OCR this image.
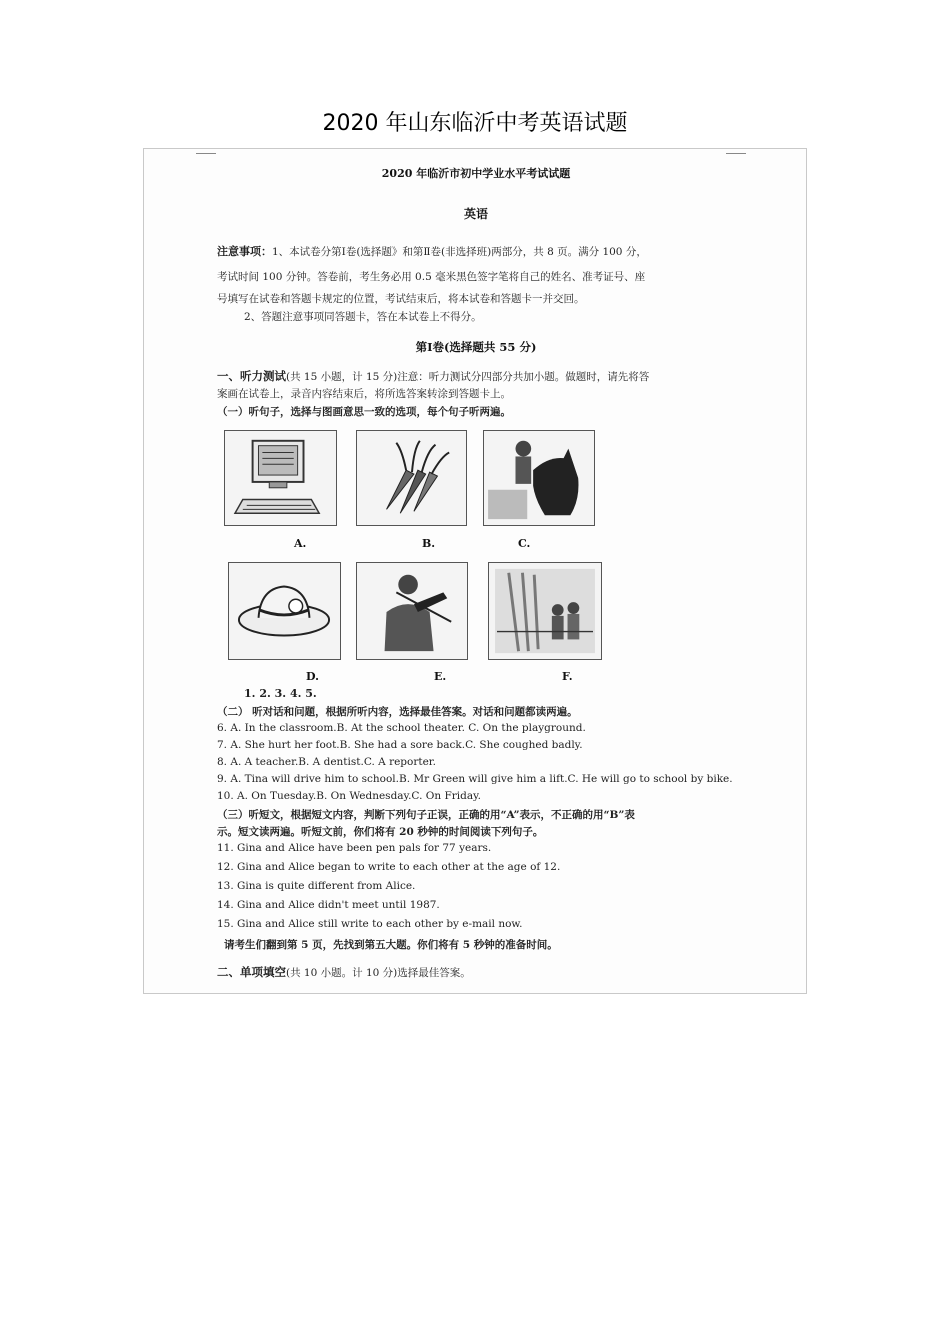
2020 年山东临沂中考英语试题
2020 年临沂市初中学业水平考试试题
英语
注意事项：1、本试卷分第Ⅰ卷(选择题》和第Ⅱ卷(非选择班)两部分，共 8 页。满分 100 分，
考试时间 100 分钟。答卷前，考生务必用 0.5 毫米黑色签字笔将自己的姓名、准考证号、座
号填写在试卷和答题卡规定的位置，考试结束后，将本试卷和答题卡一并交回。
2、答题注意事项同答题卡，答在本试卷上不得分。
第Ⅰ卷(选择题共 55 分)
一、听力测试(共 15 小题，计 15 分)注意：听力测试分四部分共加小题。做题时，请先将答
案画在试卷上，录音内容结束后，将所选答案转涂到答题卡上。
（一）听句子，选择与图画意思一致的选项，每个句子听两遍。
A.	B.	C.
D.	E.	F.
1. 2. 3. 4. 5.
（二） 听对话和问题，根据所听内容，选择最佳答案。对话和问题都读两遍。
6. A. In the classroom.B. At the school theater. C. On the playground.
7. A. She hurt her foot.B. She had a sore back.C. She coughed badly.
8. A. A teacher.B. A dentist.C. A reporter.
9. A. Tina will drive him to school.B. Mr Green will give him a lift.C. He will go to school by bike.
10. A. On Tuesday.B. On Wednesday.C. On Friday.
（三）听短文，根据短文内容，判断下列句子正误，正确的用“A”表示，不正确的用“B”表
示。短文读两遍。听短文前，你们将有 20 秒钟的时间阅读下列句子。
11. Gina and Alice have been pen pals for 77 years.
12. Gina and Alice began to write to each other at the age of 12.
13. Gina is quite different from Alice.
14. Gina and Alice didn't meet until 1987.
15. Gina and Alice still write to each other by e-mail now.
请考生们翻到第 5 页，先找到第五大题。你们将有 5 秒钟的准备时间。
二、单项填空(共 10 小题。计 10 分)选择最佳答案。
